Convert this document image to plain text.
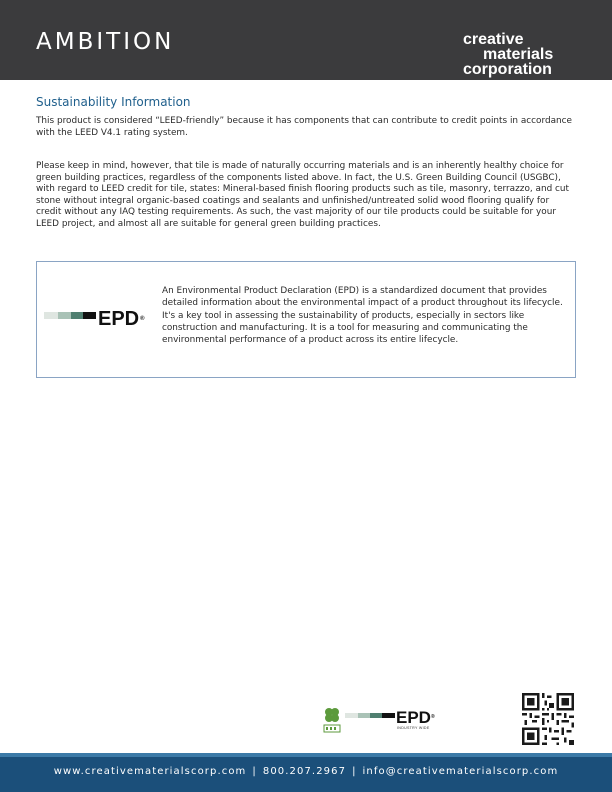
AMBITION	creative
materials
corporation
Sustainability Information

This product is considered “LEED-friendly” because it has components that can contribute to credit points in accordance with the LEED V4.1 rating system.

Please keep in mind, however, that tile is made of naturally occurring materials and is an inherently healthy choice for green building practices, regardless of the components listed above. In fact, the U.S. Green Building Council (USGBC), with regard to LEED credit for tile, states: Mineral-based finish flooring products such as tile, masonry, terrazzo, and cut stone without integral organic-based coatings and sealants and unfinished/untreated solid wood flooring qualify for credit without any IAQ testing requirements. As such, the vast majority of our tile products could be suitable for your LEED project, and almost all are suitable for general green building practices.

EPD®

An Environmental Product Declaration (EPD) is a standardized document that provides detailed information about the environmental impact of a product throughout its lifecycle. It's a key tool in assessing the sustainability of products, especially in sectors like construction and manufacturing. It is a tool for measuring and communicating the environmental performance of a product across its entire lifecycle.

EPD®
INDUSTRY WIDE
www.creativematerialscorp.com | 800.207.2967 | info@creativematerialscorp.com
